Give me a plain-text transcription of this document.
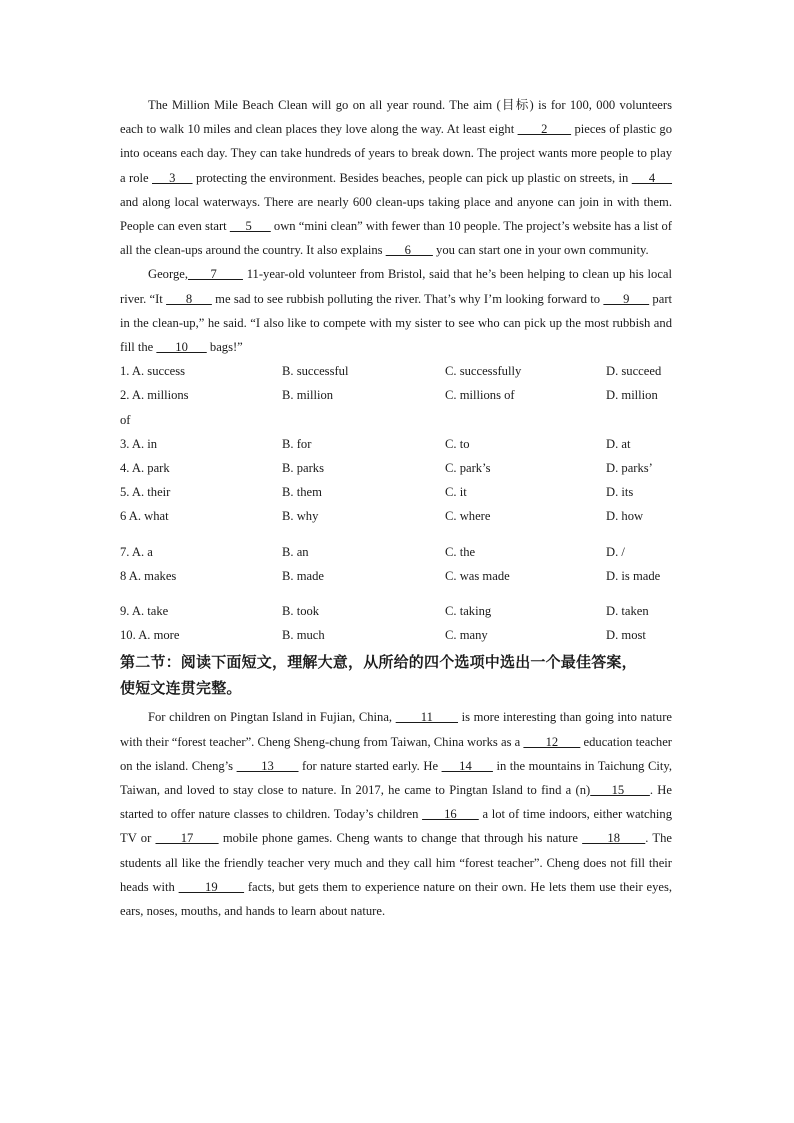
The Million Mile Beach Clean will go on all year round. The aim (目标) is for 100, 000 volunteers each to walk 10 miles and clean places they love along the way. At least eight        2        pieces of plastic go into oceans each day. They can take hundreds of years to break down. The project wants more people to play a role      3      protecting the environment. Besides beaches, people can pick up plastic on streets, in      4      and along local waterways. There are nearly 600 clean-ups taking place and anyone can join in with them. People can even start      5       own “mini clean” with fewer than 10 people. The project’s website has a list of all the clean-ups around the country. It also explains       6        you can start one in your own community.

George,      7        11-year-old volunteer from Bristol, said that he’s been helping to clean up his local river. “It       8       me sad to see rubbish polluting the river. That’s why I’m looking forward to       9       part in the clean-up,” he said. “I also like to compete with my sister to see who can pick up the most rubbish and fill the       10       bags!”

1. A. success	B. successful	C. successfully	D. succeed
2. A. millions	B. million	C. millions of	D. million
of
3. A. in	B. for	C. to	D. at
4. A. park	B. parks	C. park’s	D. parks’
5. A. their	B. them	C. it	D. its
6 A. what	B. why	C. where	D. how
7. A. a	B. an	C. the	D. /
8 A. makes	B. made	C. was made	D. is made
9. A. take	B. took	C. taking	D. taken
10. A. more	B. much	C. many	D. most
第二节：阅读下面短文，理解大意，从所给的四个选项中选出一个最佳答案，
使短文连贯完整。

For children on Pingtan Island in Fujian, China,        11        is more interesting than going into nature with their “forest teacher”. Cheng Sheng-chung from Taiwan, China works as a        12        education teacher on the island. Cheng’s        13        for nature started early. He      14       in the mountains in Taichung City, Taiwan, and loved to stay close to nature. In 2017, he came to Pingtan Island to find a (n)     15      . He started to offer nature classes to children. Today’s children       16       a lot of time indoors, either watching TV or       17       mobile phone games. Cheng wants to change that through his nature       18      . The students all like the friendly teacher very much and they call him “forest teacher”. Cheng does not fill their heads with        19        facts, but gets them to experience nature on their own. He lets them use their eyes, ears, noses, mouths, and hands to learn about nature.
